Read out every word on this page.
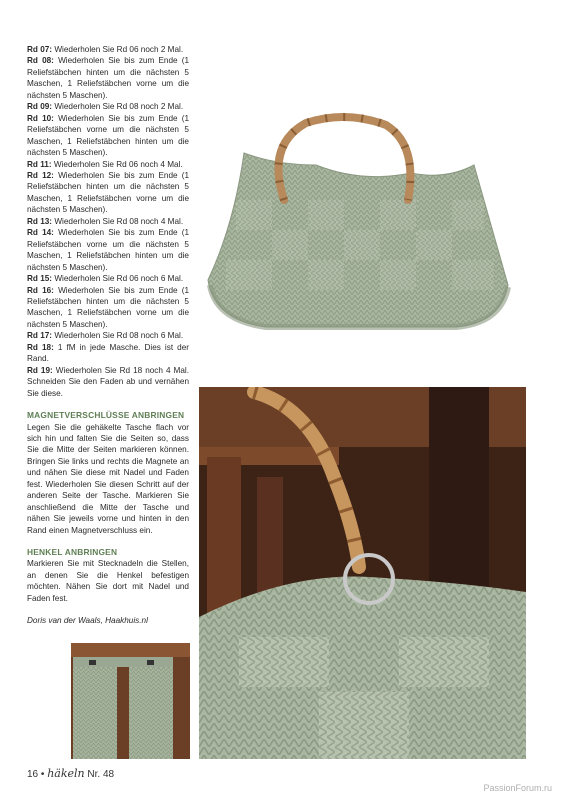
Rd 07: Wiederholen Sie Rd 06 noch 2 Mal.

Rd 08: Wiederholen Sie bis zum Ende (1 Reliefstäbchen hinten um die nächsten 5 Maschen, 1 Reliefstäbchen vorne um die nächsten 5 Maschen).

Rd 09: Wiederholen Sie Rd 08 noch 2 Mal.

Rd 10: Wiederholen Sie bis zum Ende (1 Reliefstäbchen vorne um die nächsten 5 Maschen, 1 Reliefstäbchen hinten um die nächsten 5 Maschen).

Rd 11: Wiederholen Sie Rd 06 noch 4 Mal.

Rd 12: Wiederholen Sie bis zum Ende (1 Reliefstäbchen hinten um die nächsten 5 Maschen, 1 Reliefstäbchen vorne um die nächsten 5 Maschen).

Rd 13: Wiederholen Sie Rd 08 noch 4 Mal.

Rd 14: Wiederholen Sie bis zum Ende (1 Reliefstäbchen vorne um die nächsten 5 Maschen, 1 Reliefstäbchen hinten um die nächsten 5 Maschen).

Rd 15: Wiederholen Sie Rd 06 noch 6 Mal.

Rd 16: Wiederholen Sie bis zum Ende (1 Reliefstäbchen hinten um die nächsten 5 Maschen, 1 Reliefstäbchen vorne um die nächsten 5 Maschen).

Rd 17: Wiederholen Sie Rd 08 noch 6 Mal.

Rd 18: 1 fM in jede Masche. Dies ist der Rand.

Rd 19: Wiederholen Sie Rd 18 noch 4 Mal. Schneiden Sie den Faden ab und vernähen Sie diese.

MAGNETVERSCHLÜSSE ANBRINGEN

Legen Sie die gehäkelte Tasche flach vor sich hin und falten Sie die Seiten so, dass Sie die Mitte der Seiten markieren können. Bringen Sie links und rechts die Magnete an und nähen Sie diese mit Nadel und Faden fest. Wiederholen Sie diesen Schritt auf der anderen Seite der Tasche. Markieren Sie anschließend die Mitte der Tasche und nähen Sie jeweils vorne und hinten in den Rand einen Magnetverschluss ein.

HENKEL ANBRINGEN

Markieren Sie mit Stecknadeln die Stellen, an denen Sie die Henkel befestigen möchten. Nähen Sie dort mit Nadel und Faden fest.

Doris van der Waals, Haakhuis.nl

16 • häkeln Nr. 48
PassionForum.ru
